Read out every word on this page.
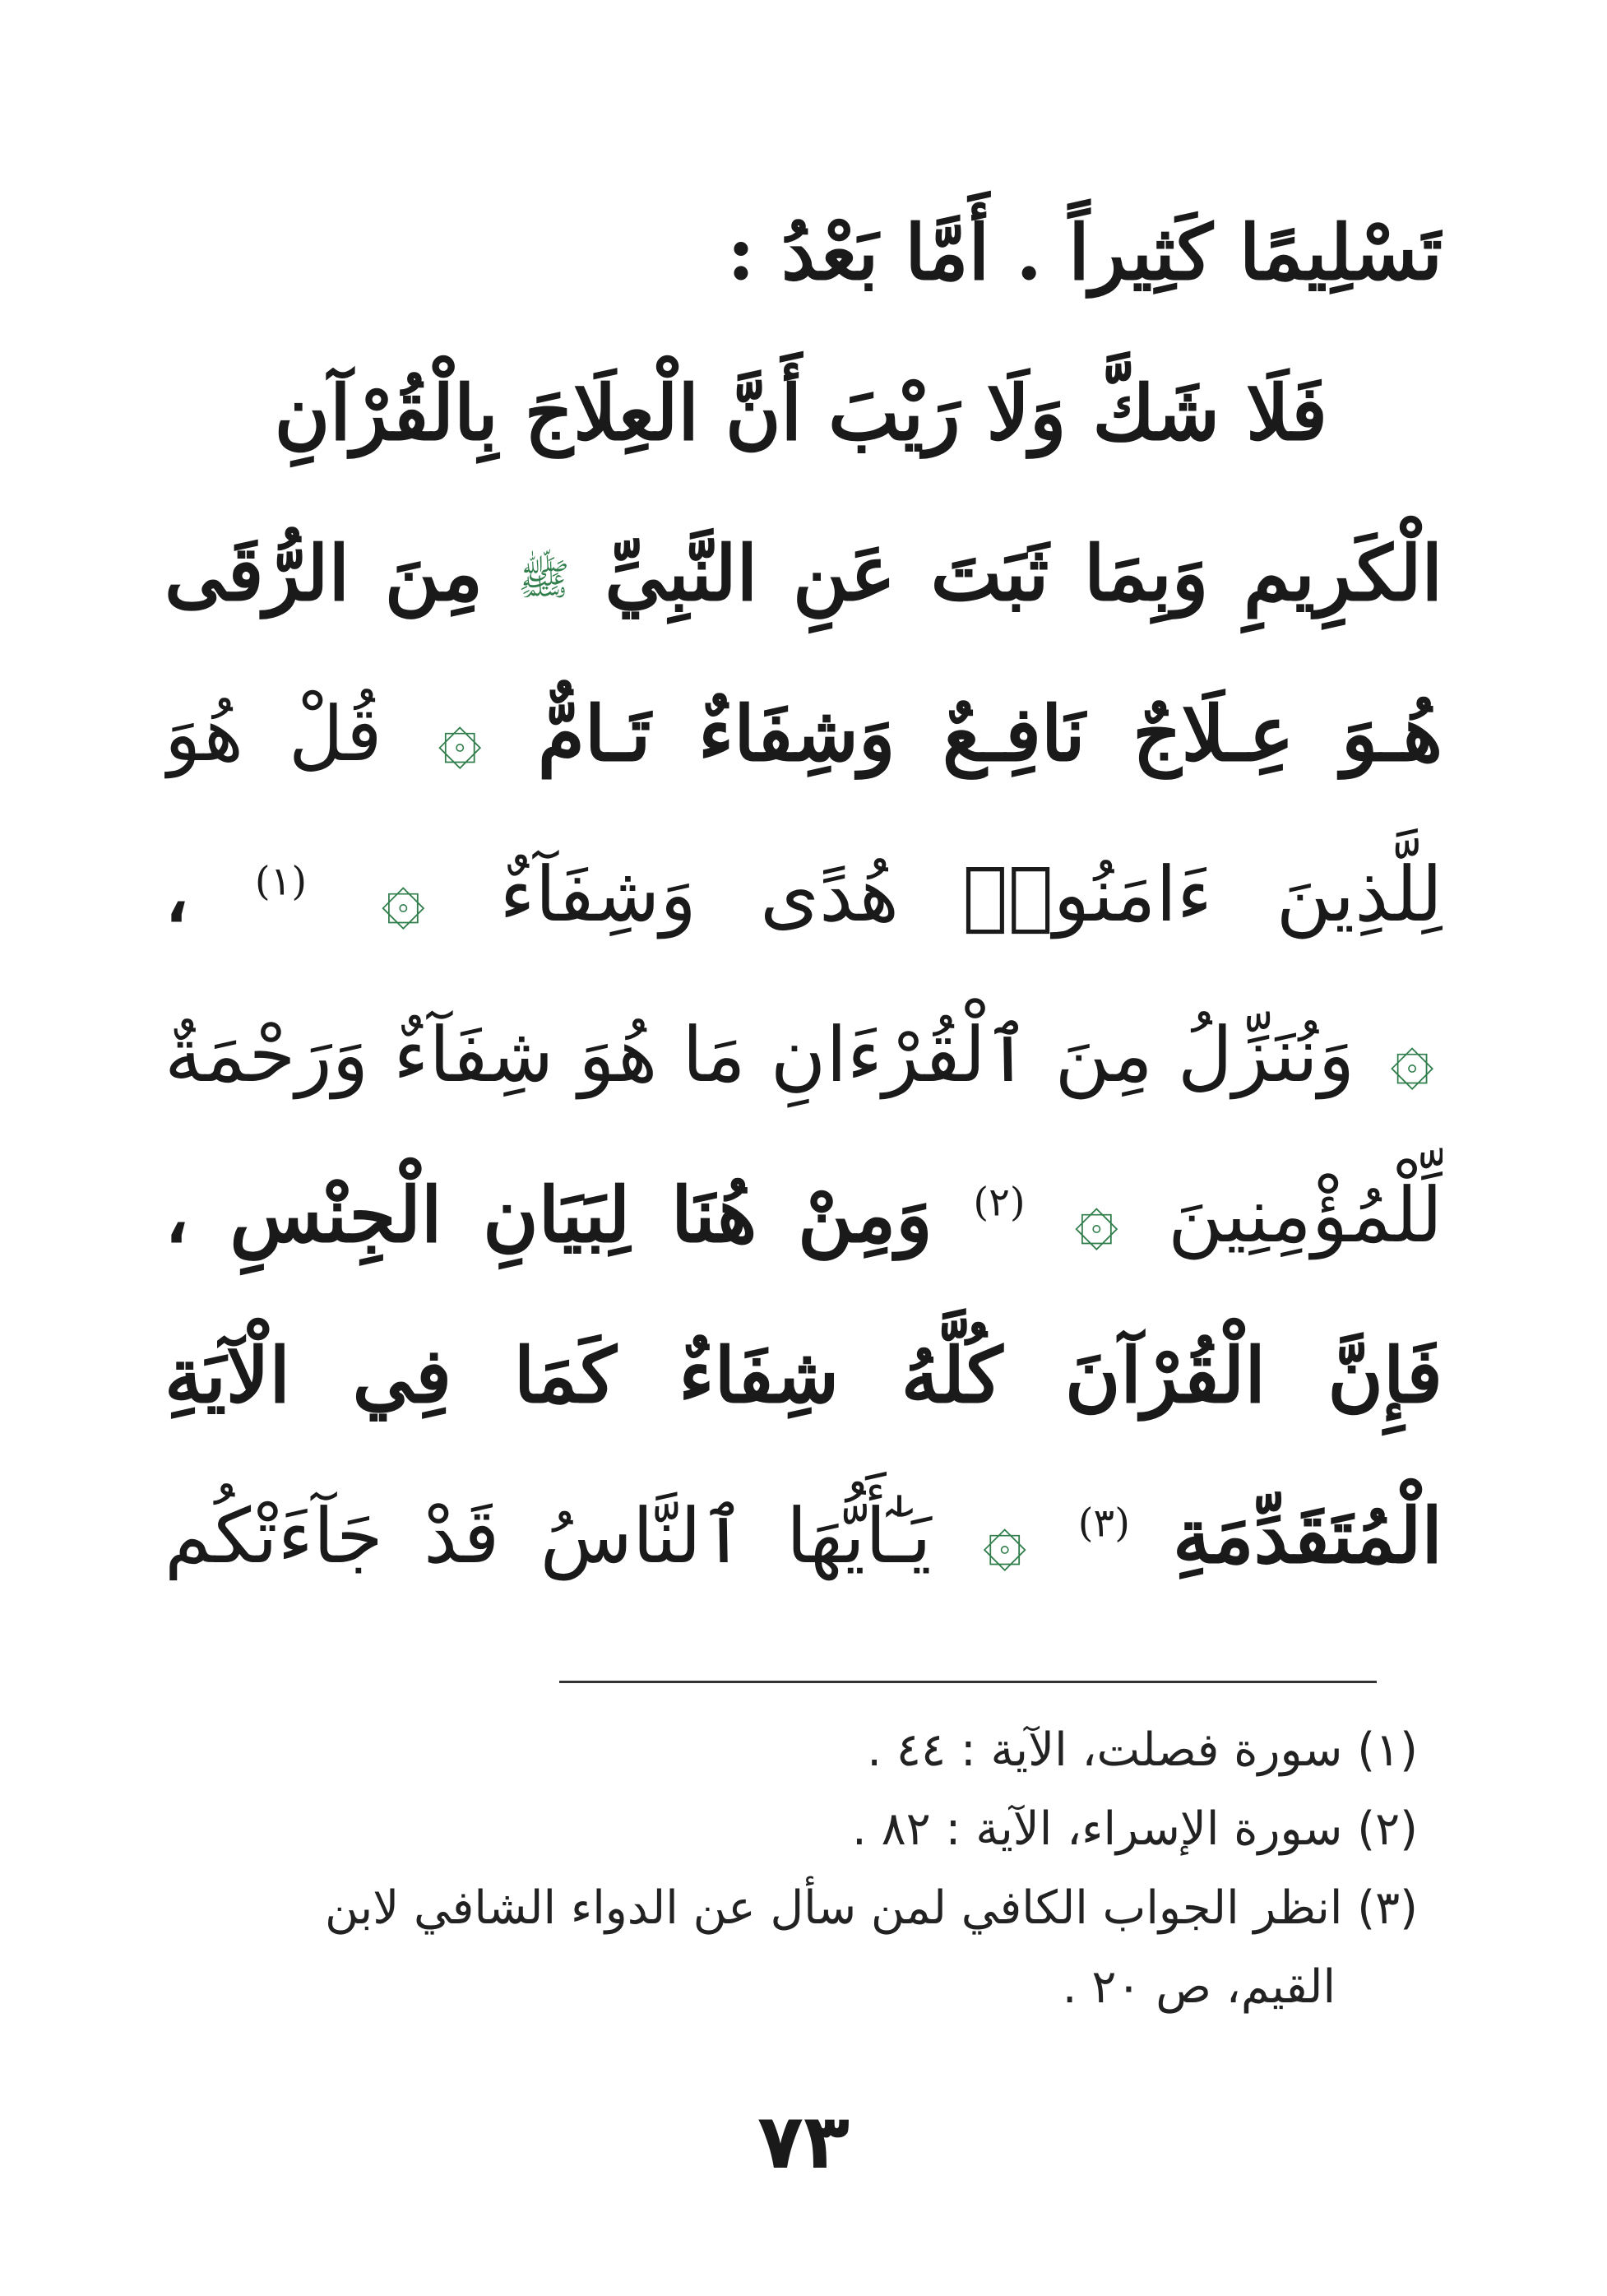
تَسْلِيمًا كَثِيراً . أَمَّا بَعْدُ :
فَلَا شَكَّ وَلَا رَيْبَ أَنَّ الْعِلَاجَ بِالْقُرْآنِ
الْكَرِيمِ وَبِمَا ثَبَتَ عَنِ النَّبِيِّ ﷺ مِنَ الرُّقَى
هُـوَ عِـلَاجٌ نَافِـعٌ وَشِفَاءٌ تَـامٌّ ۞ قُلْ هُوَ
لِلَّذِينَ ءَامَنُوا۟ هُدًى وَشِفَآءٌ ۞ $^{(١)}$ ،
۞ وَنُنَزِّلُ مِنَ ٱلْقُرْءَانِ مَا هُوَ شِفَآءٌ وَرَحْمَةٌ
لِّلْمُؤْمِنِينَ ۞ $^{(٢)}$ وَمِنْ هُنَا لِبَيَانِ الْجِنْسِ ،
فَإِنَّ الْقُرْآنَ كُلَّهُ شِفَاءٌ كَمَا فِي الْآيَةِ
الْمُتَقَدِّمَةِ $^{(٣)}$ ۞ يَـٰٓأَيُّهَا ٱلنَّاسُ قَدْ جَآءَتْكُم
(١) سورة فصلت، الآية : ٤٤ .
(٢) سورة الإسراء، الآية : ٨٢ .
(٣) انظر الجواب الكافي لمن سأل عن الدواء الشافي لابن
القيم، ص ٢٠ .
٧٣
